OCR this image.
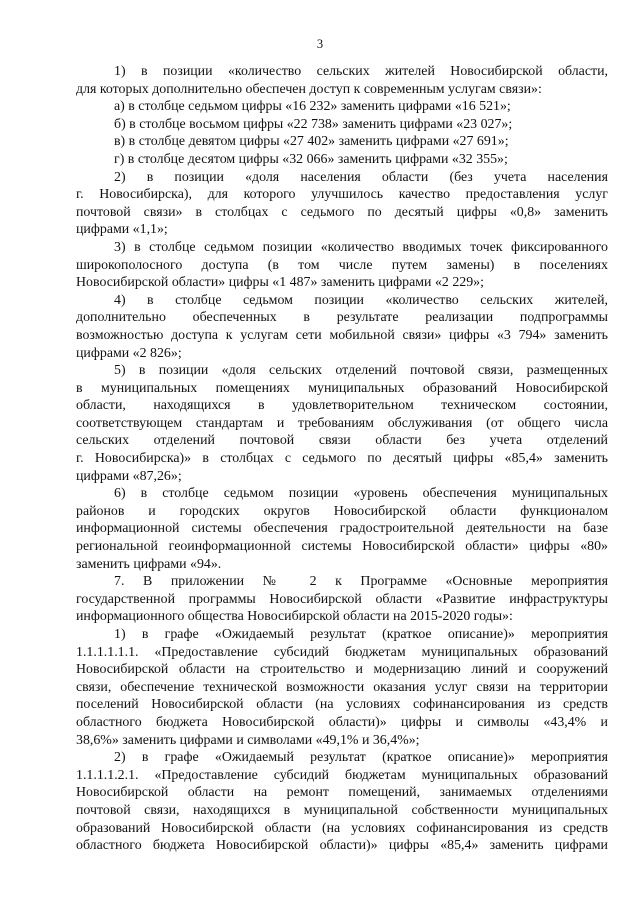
3
1) в позиции «количество сельских жителей Новосибирской области,
для которых дополнительно обеспечен доступ к современным услугам связи»:
а) в столбце седьмом цифры «16 232» заменить цифрами «16 521»;
б) в столбце восьмом цифры «22 738» заменить цифрами «23 027»;
в) в столбце девятом цифры «27 402» заменить цифрами «27 691»;
г) в столбце десятом цифры «32 066» заменить цифрами «32 355»;
2) в позиции «доля населения области (без учета населения
г. Новосибирска), для которого улучшилось качество предоставления услуг
почтовой связи» в столбцах с седьмого по десятый цифры «0,8» заменить
цифрами «1,1»;
3) в столбце седьмом позиции «количество вводимых точек фиксированного
широкополосного доступа (в том числе путем замены) в поселениях
Новосибирской области» цифры «1 487» заменить цифрами «2 229»;
4) в столбце седьмом позиции «количество сельских жителей,
дополнительно обеспеченных в результате реализации подпрограммы
возможностью доступа к услугам сети мобильной связи» цифры «3 794» заменить
цифрами «2 826»;
5) в позиции «доля сельских отделений почтовой связи, размещенных
в муниципальных помещениях муниципальных образований Новосибирской
области, находящихся в удовлетворительном техническом состоянии,
соответствующем стандартам и требованиям обслуживания (от общего числа
сельских отделений почтовой связи области без учета отделений
г. Новосибирска)» в столбцах с седьмого по десятый цифры «85,4» заменить
цифрами «87,26»;
6) в столбце седьмом позиции «уровень обеспечения муниципальных
районов и городских округов Новосибирской области функционалом
информационной системы обеспечения градостроительной деятельности на базе
региональной геоинформационной системы Новосибирской области» цифры «80»
заменить цифрами «94».
7. В приложении № 2 к Программе «Основные мероприятия
государственной программы Новосибирской области «Развитие инфраструктуры
информационного общества Новосибирской области на 2015-2020 годы»:
1) в графе «Ожидаемый результат (краткое описание)» мероприятия
1.1.1.1.1.1. «Предоставление субсидий бюджетам муниципальных образований
Новосибирской области на строительство и модернизацию линий и сооружений
связи, обеспечение технической возможности оказания услуг связи на территории
поселений Новосибирской области (на условиях софинансирования из средств
областного бюджета Новосибирской области)» цифры и символы «43,4% и
38,6%» заменить цифрами и символами «49,1% и 36,4%»;
2) в графе «Ожидаемый результат (краткое описание)» мероприятия
1.1.1.1.2.1. «Предоставление субсидий бюджетам муниципальных образований
Новосибирской области на ремонт помещений, занимаемых отделениями
почтовой связи, находящихся в муниципальной собственности муниципальных
образований Новосибирской области (на условиях софинансирования из средств
областного бюджета Новосибирской области)» цифры «85,4» заменить цифрами
